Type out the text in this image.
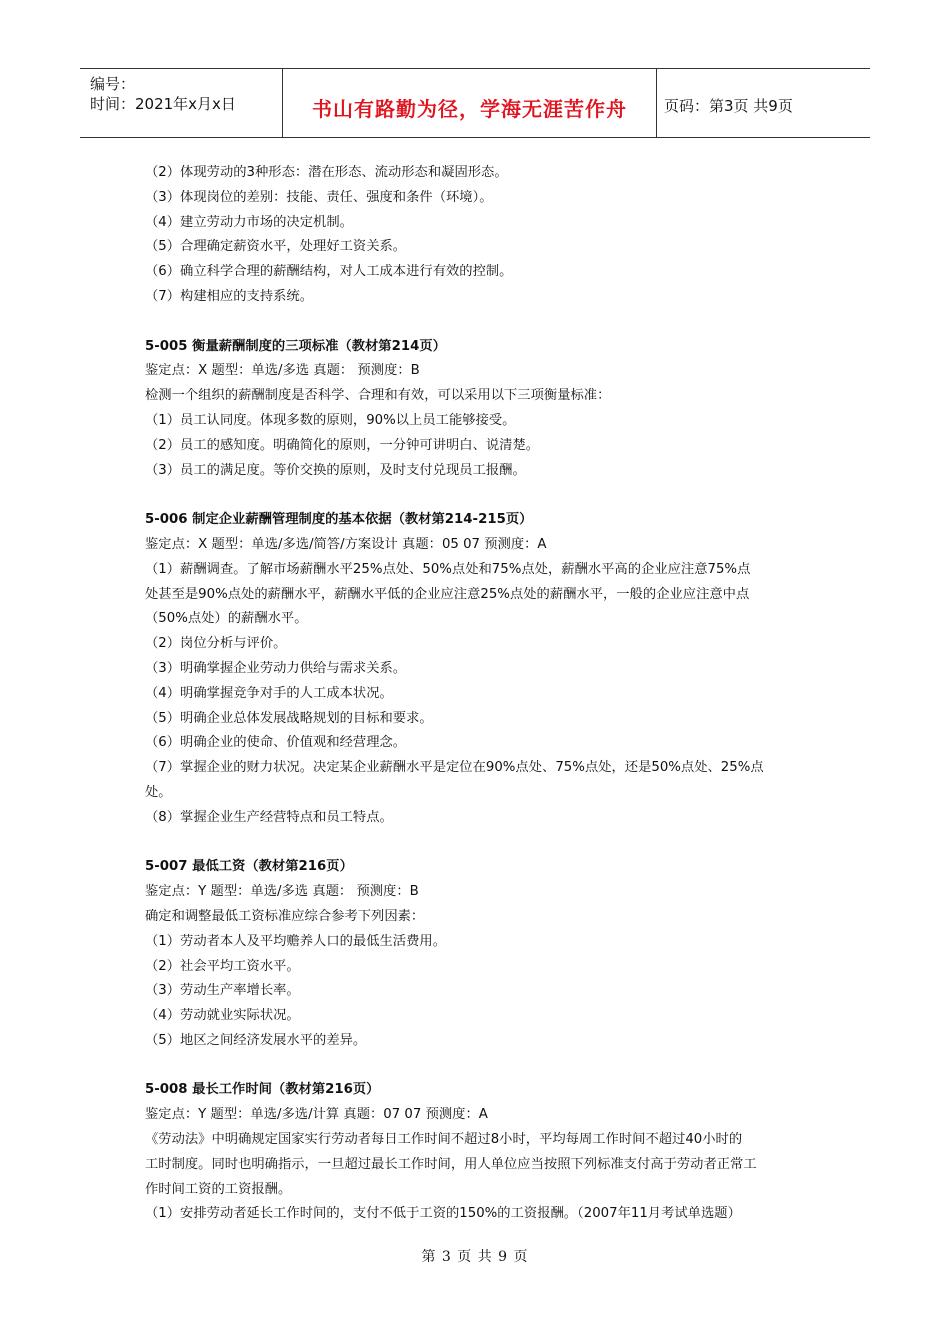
编号：
时间：2021年x月x日	书山有路勤为径，学海无涯苦作舟	页码：第3页 共9页
（2）体现劳动的3种形态：潜在形态、流动形态和凝固形态。
（3）体现岗位的差别：技能、责任、强度和条件（环境）。
（4）建立劳动力市场的决定机制。
（5）合理确定薪资水平，处理好工资关系。
（6）确立科学合理的薪酬结构，对人工成本进行有效的控制。
（7）构建相应的支持系统。
5-005 衡量薪酬制度的三项标准（教材第214页）
鉴定点：X 题型：单选/多选 真题： 预测度：B
检测一个组织的薪酬制度是否科学、合理和有效，可以采用以下三项衡量标准：
（1）员工认同度。体现多数的原则，90%以上员工能够接受。
（2）员工的感知度。明确简化的原则，一分钟可讲明白、说清楚。
（3）员工的满足度。等价交换的原则，及时支付兑现员工报酬。
5-006 制定企业薪酬管理制度的基本依据（教材第214-215页）
鉴定点：X 题型：单选/多选/简答/方案设计 真题：05 07 预测度：A
（1）薪酬调查。了解市场薪酬水平25%点处、50%点处和75%点处，薪酬水平高的企业应注意75%点
处甚至是90%点处的薪酬水平，薪酬水平低的企业应注意25%点处的薪酬水平，一般的企业应注意中点
（50%点处）的薪酬水平。
（2）岗位分析与评价。
（3）明确掌握企业劳动力供给与需求关系。
（4）明确掌握竞争对手的人工成本状况。
（5）明确企业总体发展战略规划的目标和要求。
（6）明确企业的使命、价值观和经营理念。
（7）掌握企业的财力状况。决定某企业薪酬水平是定位在90%点处、75%点处，还是50%点处、25%点
处。
（8）掌握企业生产经营特点和员工特点。
5-007 最低工资（教材第216页）
鉴定点：Y 题型：单选/多选 真题： 预测度：B
确定和调整最低工资标准应综合参考下列因素：
（1）劳动者本人及平均赡养人口的最低生活费用。
（2）社会平均工资水平。
（3）劳动生产率增长率。
（4）劳动就业实际状况。
（5）地区之间经济发展水平的差异。
5-008 最长工作时间（教材第216页）
鉴定点：Y 题型：单选/多选/计算 真题：07 07 预测度：A
《劳动法》中明确规定国家实行劳动者每日工作时间不超过8小时，平均每周工作时间不超过40小时的
工时制度。同时也明确指示，一旦超过最长工作时间，用人单位应当按照下列标准支付高于劳动者正常工
作时间工资的工资报酬。
（1）安排劳动者延长工作时间的，支付不低于工资的150%的工资报酬。（2007年11月考试单选题）
第 3 页 共 9 页
